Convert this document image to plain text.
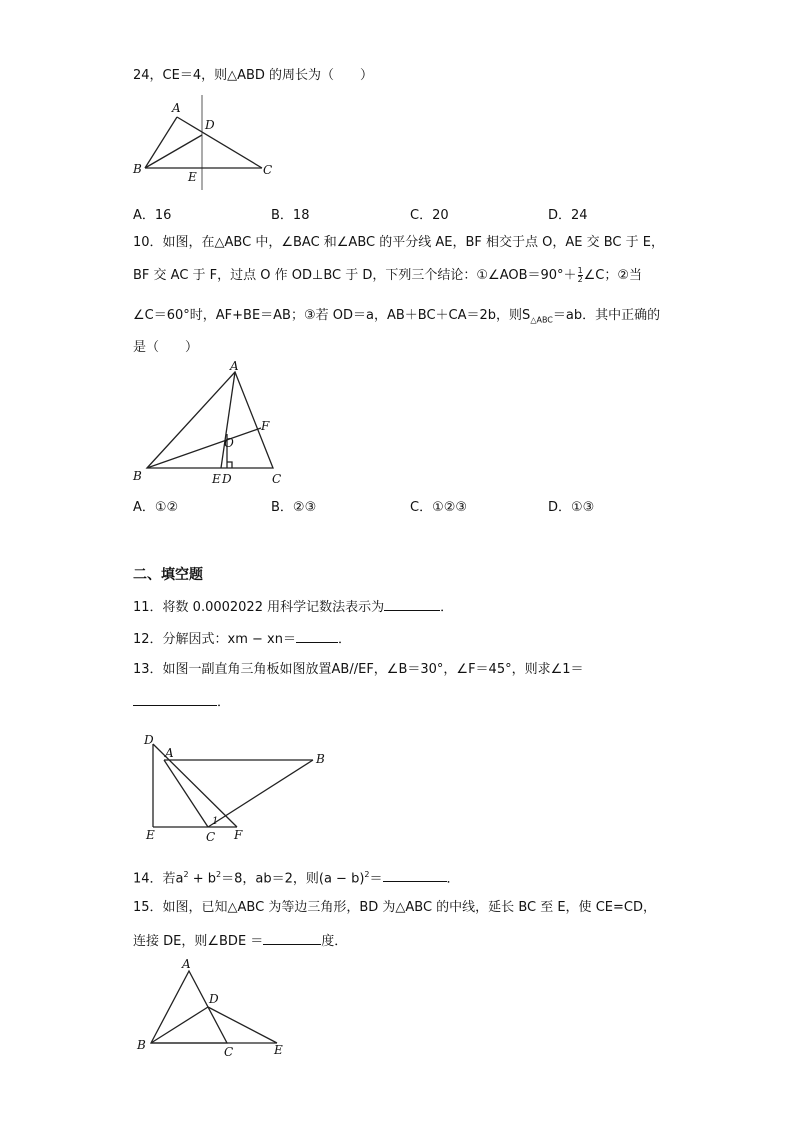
24，CE＝4，则△ABD 的周长为（　　）
A
D
B
E	C
A．16	B．18	C．20	D．24
10．如图，在△ABC 中，∠BAC 和∠ABC 的平分线 AE，BF 相交于点 O，AE 交 BC 于 E，
BF 交 AC 于 F，过点 O 作 OD⊥BC 于 D，下列三个结论：①∠AOB＝90°＋ $\frac{1}{2}$ ∠C；②当
∠C＝60°时，AF+BE＝AB；③若 OD＝a，AB＋BC＋CA＝2b，则$S_{\triangle ABC}=ab$．其中正确的
是（　　）
A
O
F
B	E D	C
A．①②	B．②③	C．①②③	D．①③
二、填空题
11．将数 0.0002022 用科学记数法表示为	．
12．分解因式：xm − xn＝	．
13．如图一副直角三角板如图放置AB//EF，∠B＝30°，∠F＝45°，则求∠1＝
．
D
A	B
1
E	C F
14．若$a^2 + b^2=8$，ab＝2，则$(a - b)^2=$	．
15．如图，已知△ABC 为等边三角形，BD 为△ABC 的中线，延长 BC 至 E，使 CE=CD，
连接 DE，则∠BDE ＝	度．
A
D
B	C	E
